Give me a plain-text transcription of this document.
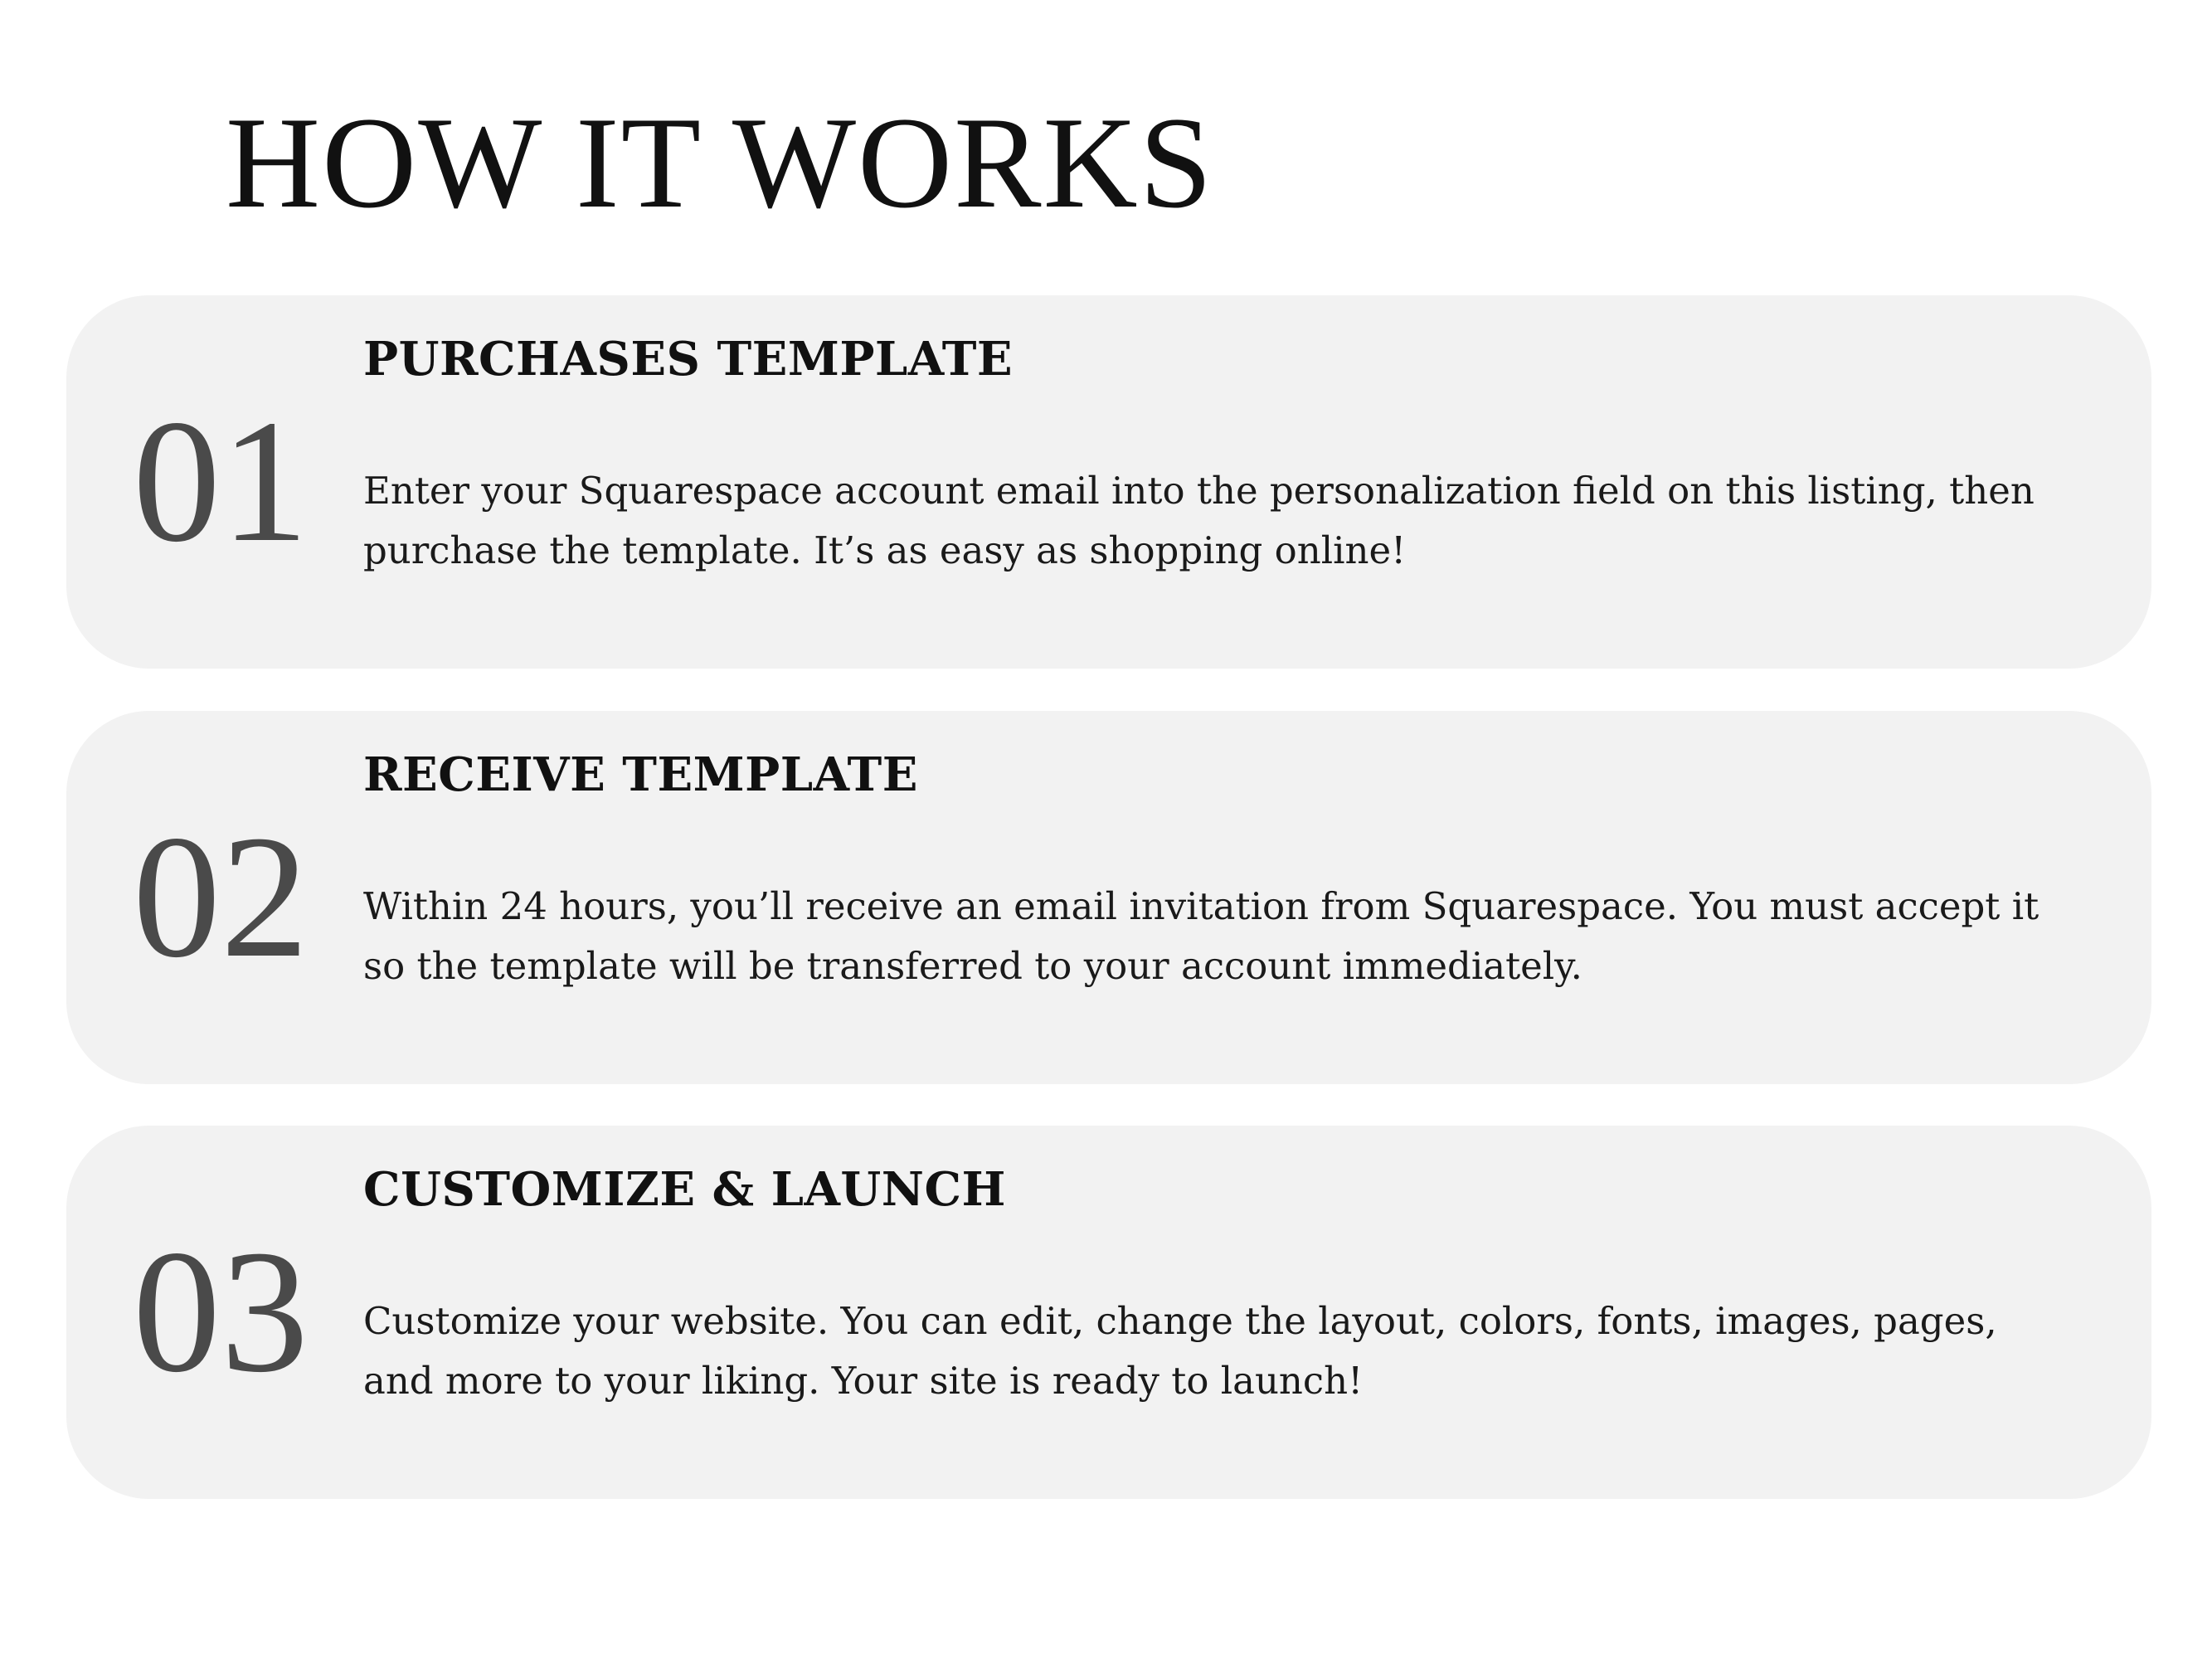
HOW IT WORKS
01
PURCHASES TEMPLATE

Enter your Squarespace account email into the personalization field on this listing, then purchase the template. It’s as easy as shopping online!

02
RECEIVE TEMPLATE

Within 24 hours, you’ll receive an email invitation from Squarespace. You must accept it so the template will be transferred to your account immediately.

03
CUSTOMIZE & LAUNCH

Customize your website. You can edit, change the layout, colors, fonts, images, pages, and more to your liking. Your site is ready to launch!
